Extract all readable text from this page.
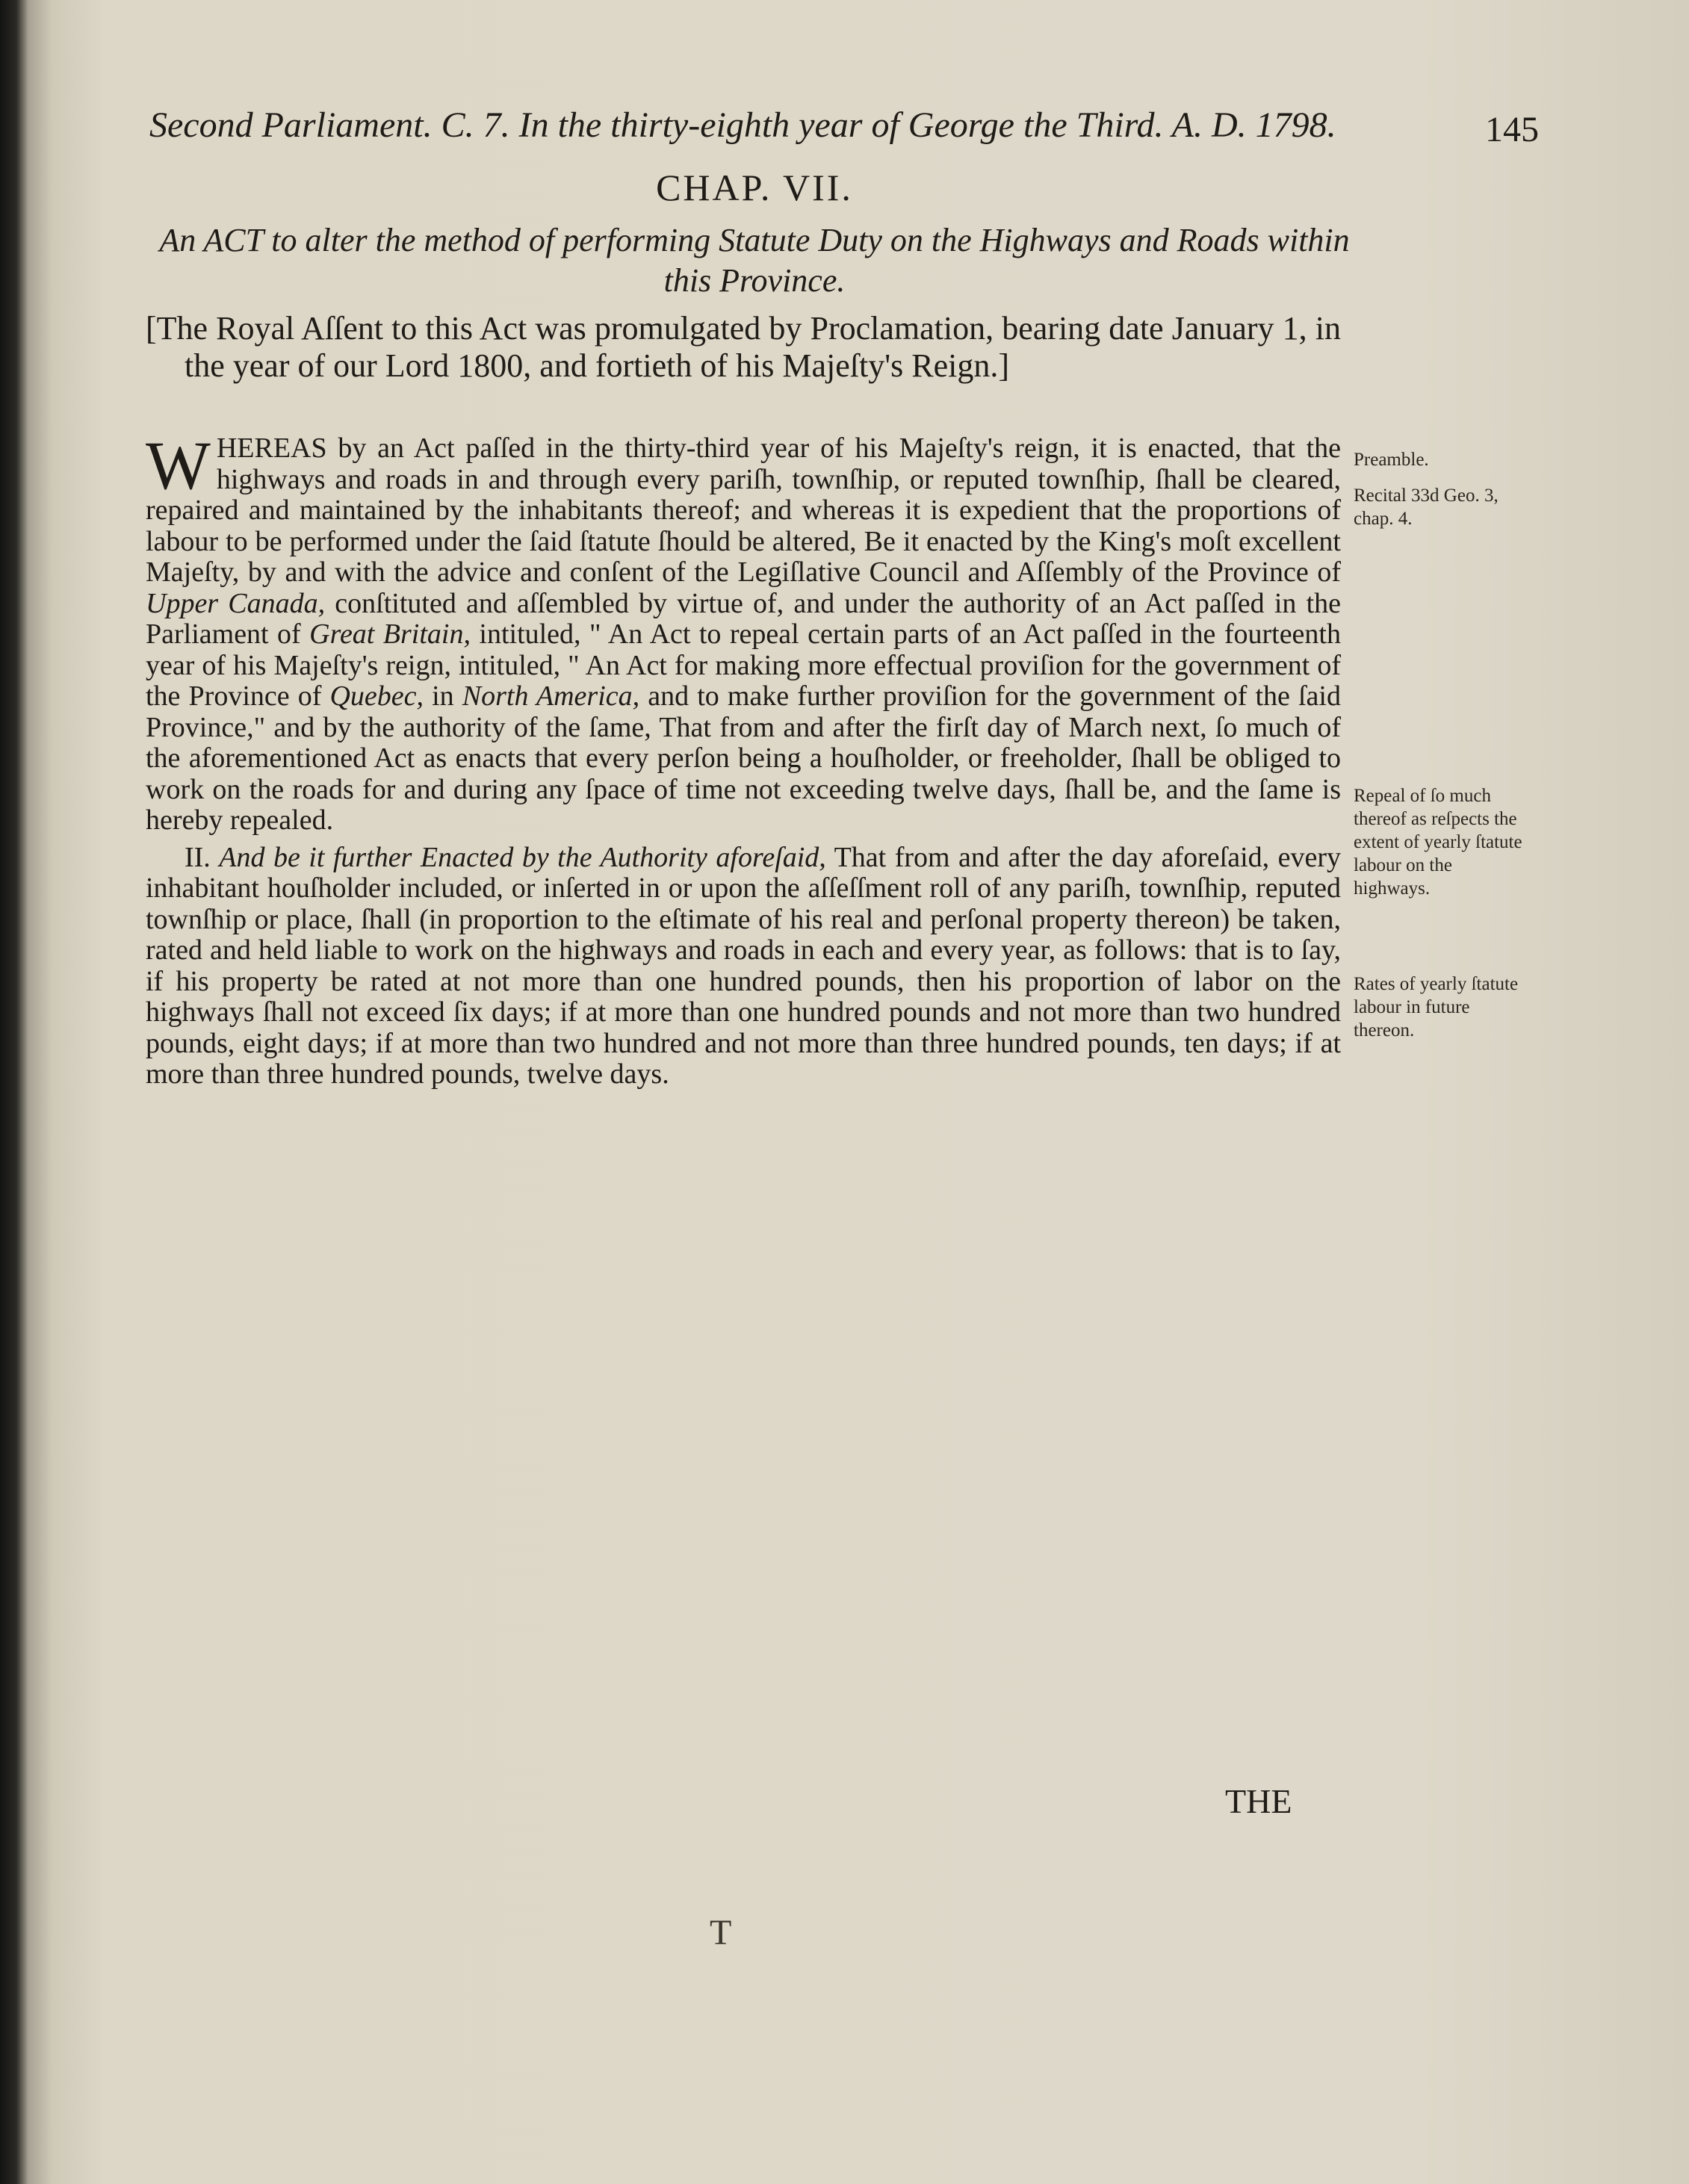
Second Parliament. C. 7. In the thirty-eighth year of George the Third. A. D. 1798.	145
CHAP. VII.
An ACT to alter the method of performing Statute Duty on the Highways and Roads within this Province.

[The Royal Aſſent to this Act was promulgated by Proclamation, bearing date January 1, in the year of our Lord 1800, and fortieth of his Majeſty's Reign.]

WHEREAS by an Act paſſed in the thirty-third year of his Majeſty's reign, it is enacted, that the highways and roads in and through every pariſh, townſhip, or reputed townſhip, ſhall be cleared, repaired and maintained by the inhabitants thereof; and whereas it is expedient that the proportions of labour to be performed under the ſaid ſtatute ſhould be altered, Be it enacted by the King's moſt excellent Majeſty, by and with the advice and conſent of the Legiſlative Council and Aſſembly of the Province of Upper Canada, conſtituted and aſſembled by virtue of, and under the authority of an Act paſſed in the Parliament of Great Britain, intituled, " An Act to repeal certain parts of an Act paſſed in the fourteenth year of his Majeſty's reign, intituled, " An Act for making more effectual proviſion for the government of the Province of Quebec, in North America, and to make further proviſion for the government of the ſaid Province," and by the authority of the ſame, That from and after the firſt day of March next, ſo much of the aforementioned Act as enacts that every perſon being a houſholder, or freeholder, ſhall be obliged to work on the roads for and during any ſpace of time not exceeding twelve days, ſhall be, and the ſame is hereby repealed.

II. And be it further Enacted by the Authority aforeſaid, That from and after the day aforeſaid, every inhabitant houſholder included, or inſerted in or upon the aſſeſſment roll of any pariſh, townſhip, reputed townſhip or place, ſhall (in proportion to the eſtimate of his real and perſonal property thereon) be taken, rated and held liable to work on the highways and roads in each and every year, as follows: that is to ſay, if his property be rated at not more than one hundred pounds, then his proportion of labor on the highways ſhall not exceed ſix days; if at more than one hundred pounds and not more than two hundred pounds, eight days; if at more than two hundred and not more than three hundred pounds, ten days; if at more than three hundred pounds, twelve days.

Preamble.
Recital 33d Geo. 3, chap. 4.
Repeal of ſo much thereof as reſpects the extent of yearly ſtatute labour on the highways.
Rates of yearly ſtatute labour in future thereon.
THE
T
